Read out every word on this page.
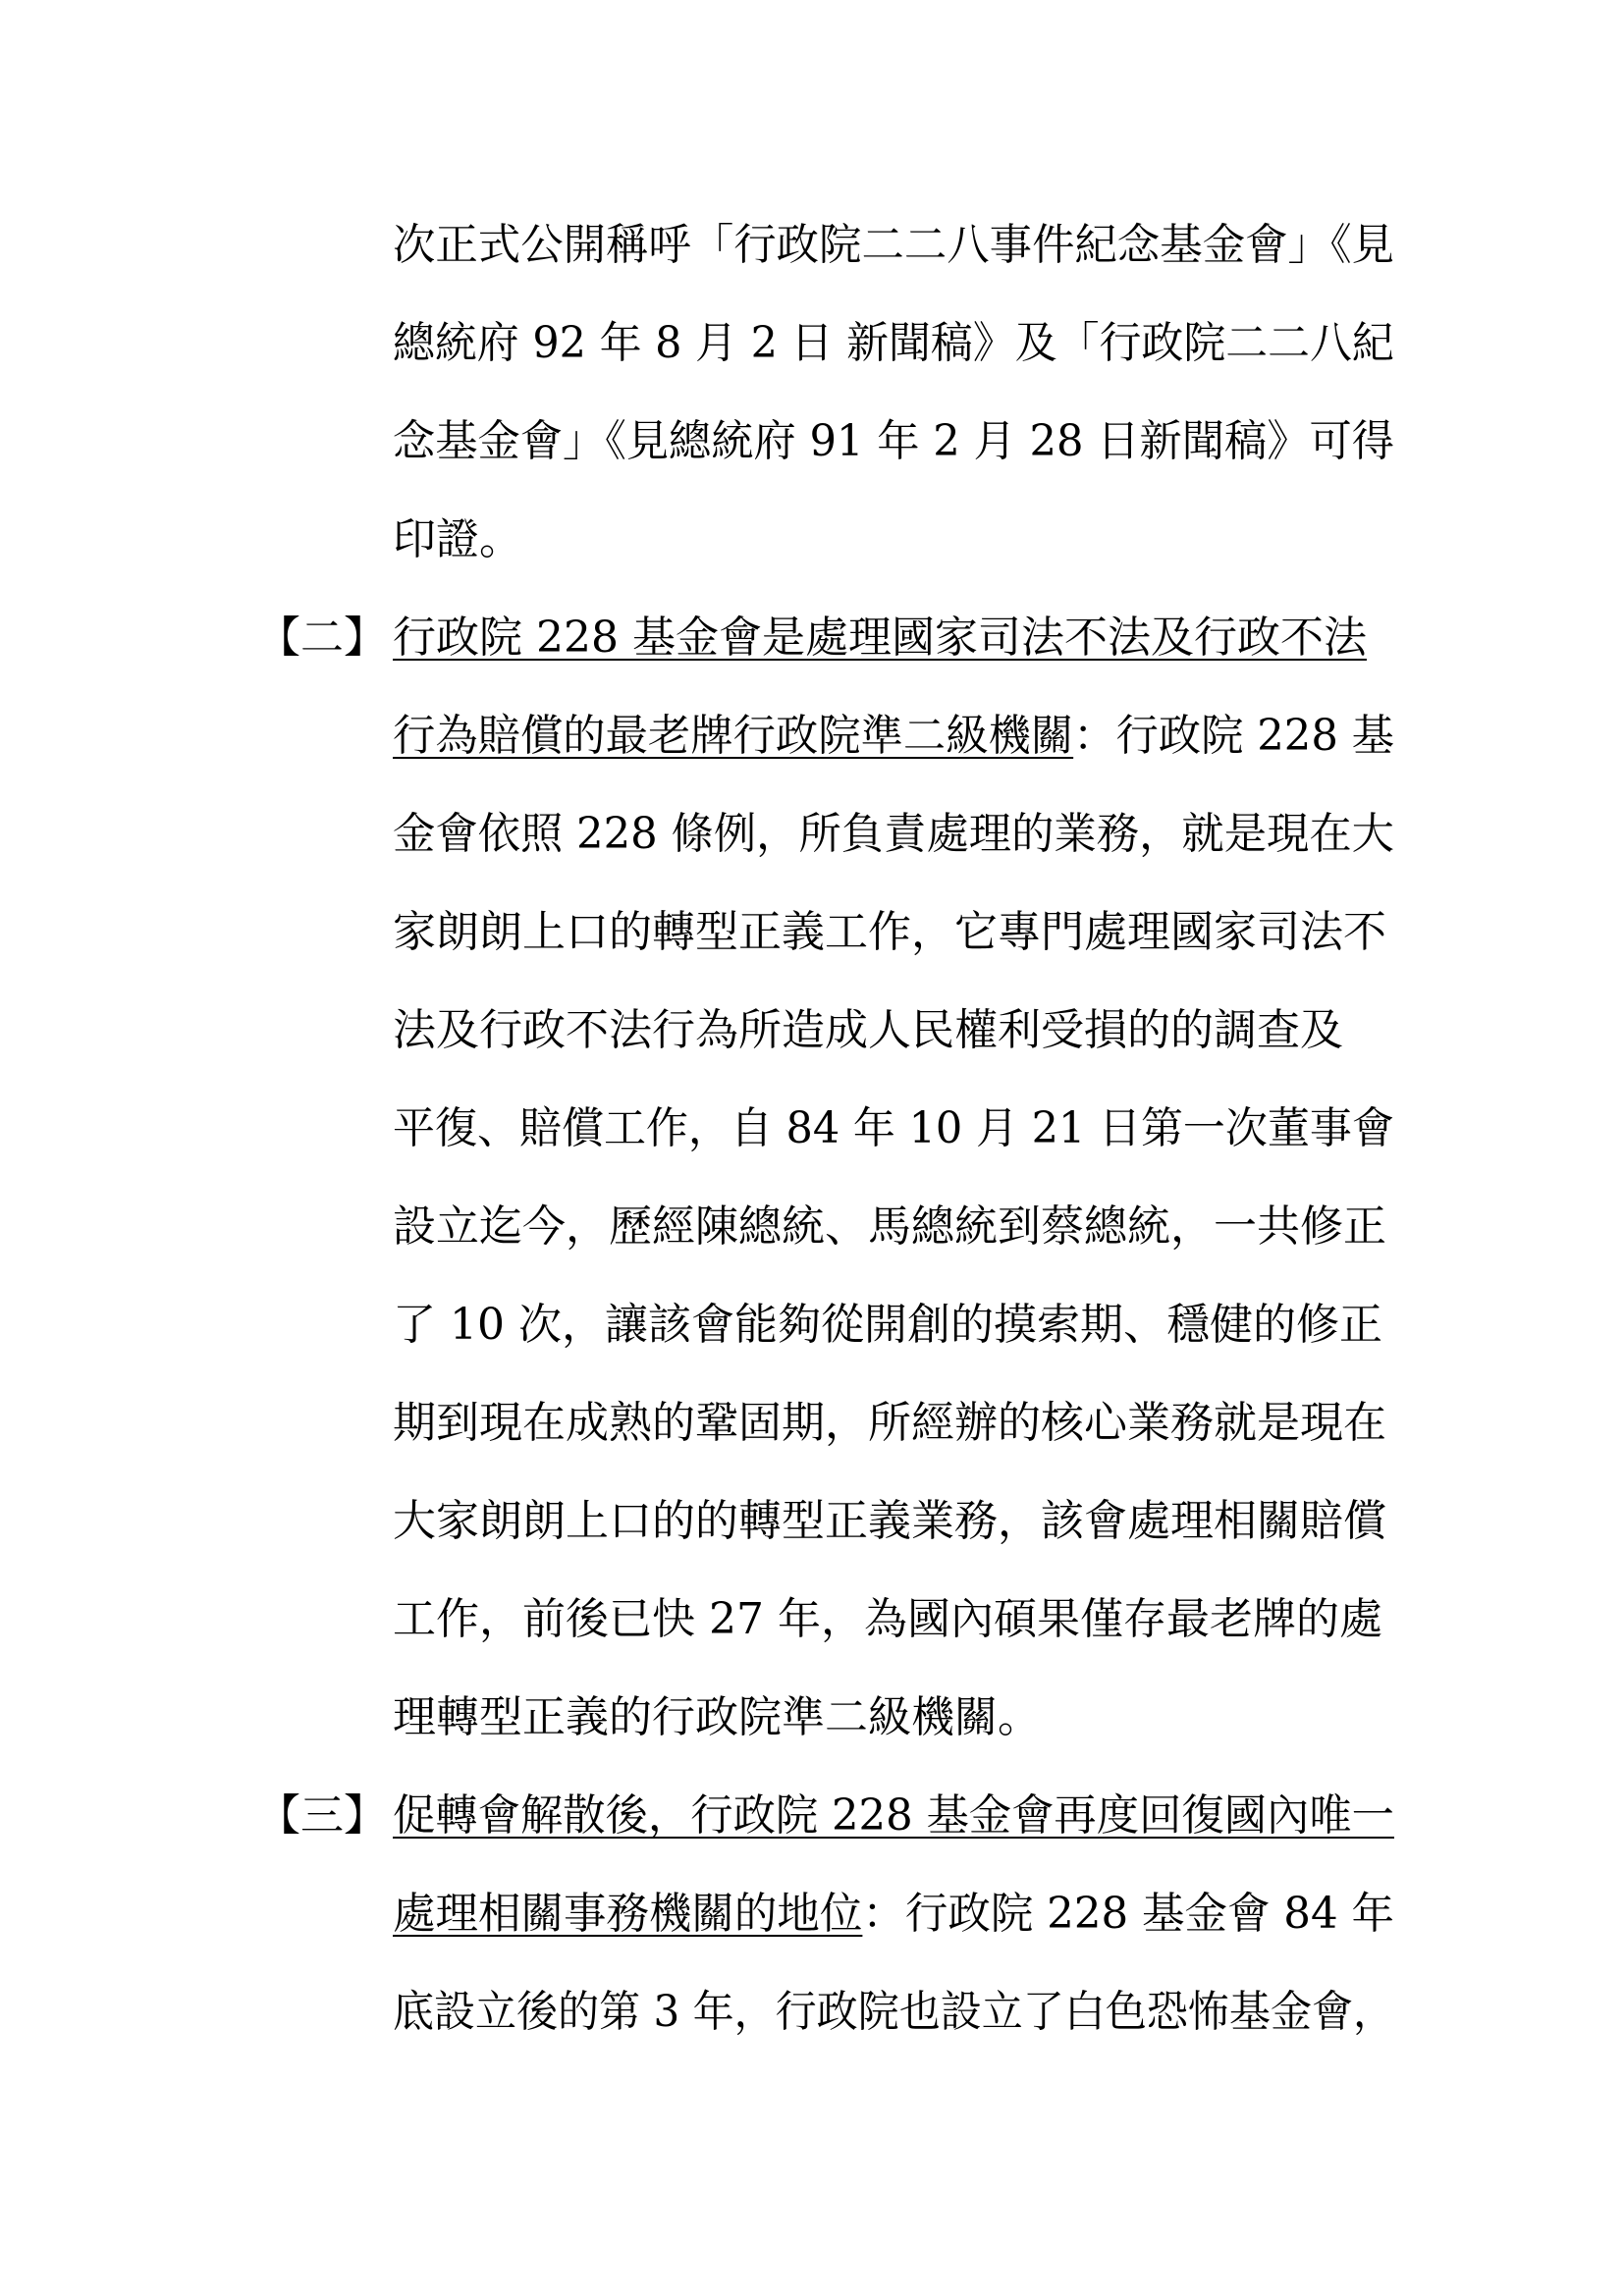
次正式公開稱呼「行政院二二八事件紀念基金會」《見
總統府 92 年 8 月 2 日 新聞稿》及「行政院二二八紀
念基金會」《見總統府 91 年 2 月 28 日新聞稿》可得
印證。
【二】 行政院 228 基金會是處理國家司法不法及行政不法
行為賠償的最老牌行政院準二級機關：行政院 228 基
金會依照 228 條例，所負責處理的業務，就是現在大
家朗朗上口的轉型正義工作，它專門處理國家司法不
法及行政不法行為所造成人民權利受損的的調查及
平復、賠償工作，自 84 年 10 月 21 日第一次董事會
設立迄今，歷經陳總統、馬總統到蔡總統，一共修正
了 10 次，讓該會能夠從開創的摸索期、穩健的修正
期到現在成熟的鞏固期，所經辦的核心業務就是現在
大家朗朗上口的的轉型正義業務，該會處理相關賠償
工作，前後已快 27 年，為國內碩果僅存最老牌的處
理轉型正義的行政院準二級機關。
【三】 促轉會解散後，行政院 228 基金會再度回復國內唯一
處理相關事務機關的地位：行政院 228 基金會 84 年
底設立後的第 3 年，行政院也設立了白色恐怖基金會，
